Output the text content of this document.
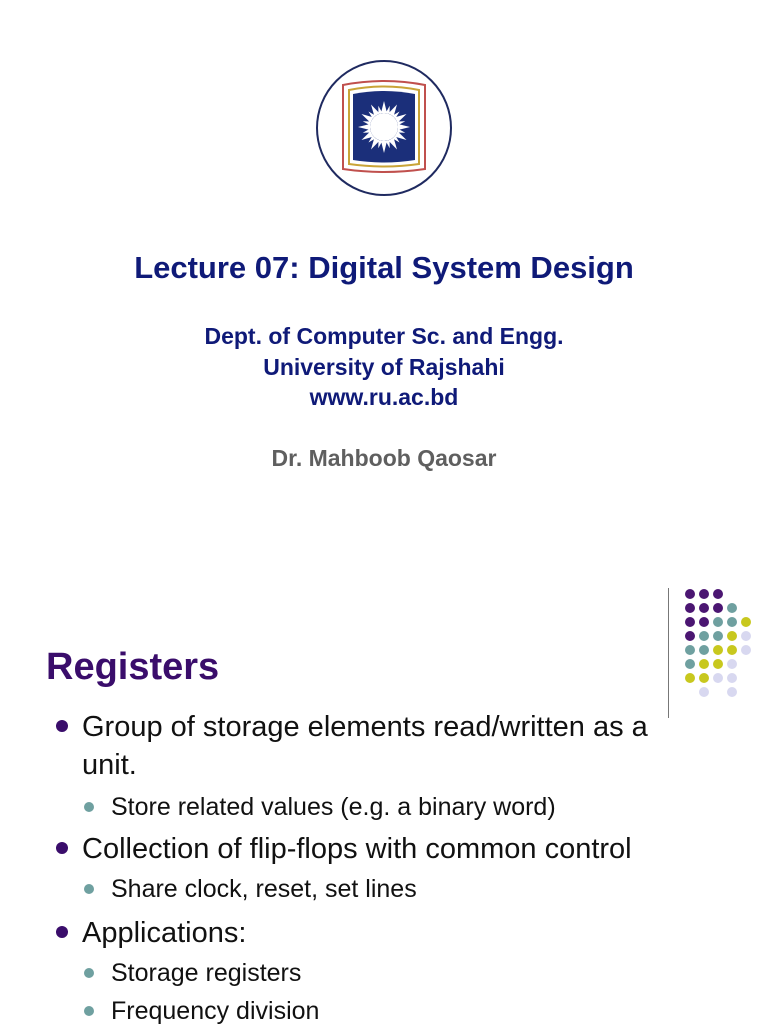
Lecture 07: Digital System Design
Dept. of Computer Sc. and Engg.
University of Rajshahi
www.ru.ac.bd
Dr. Mahboob Qaosar
Registers
Group of storage elements read/written as a unit.
Store related values (e.g. a binary word)
Collection of flip-flops with common control
Share clock, reset, set lines
Applications:
Storage registers
Frequency division
